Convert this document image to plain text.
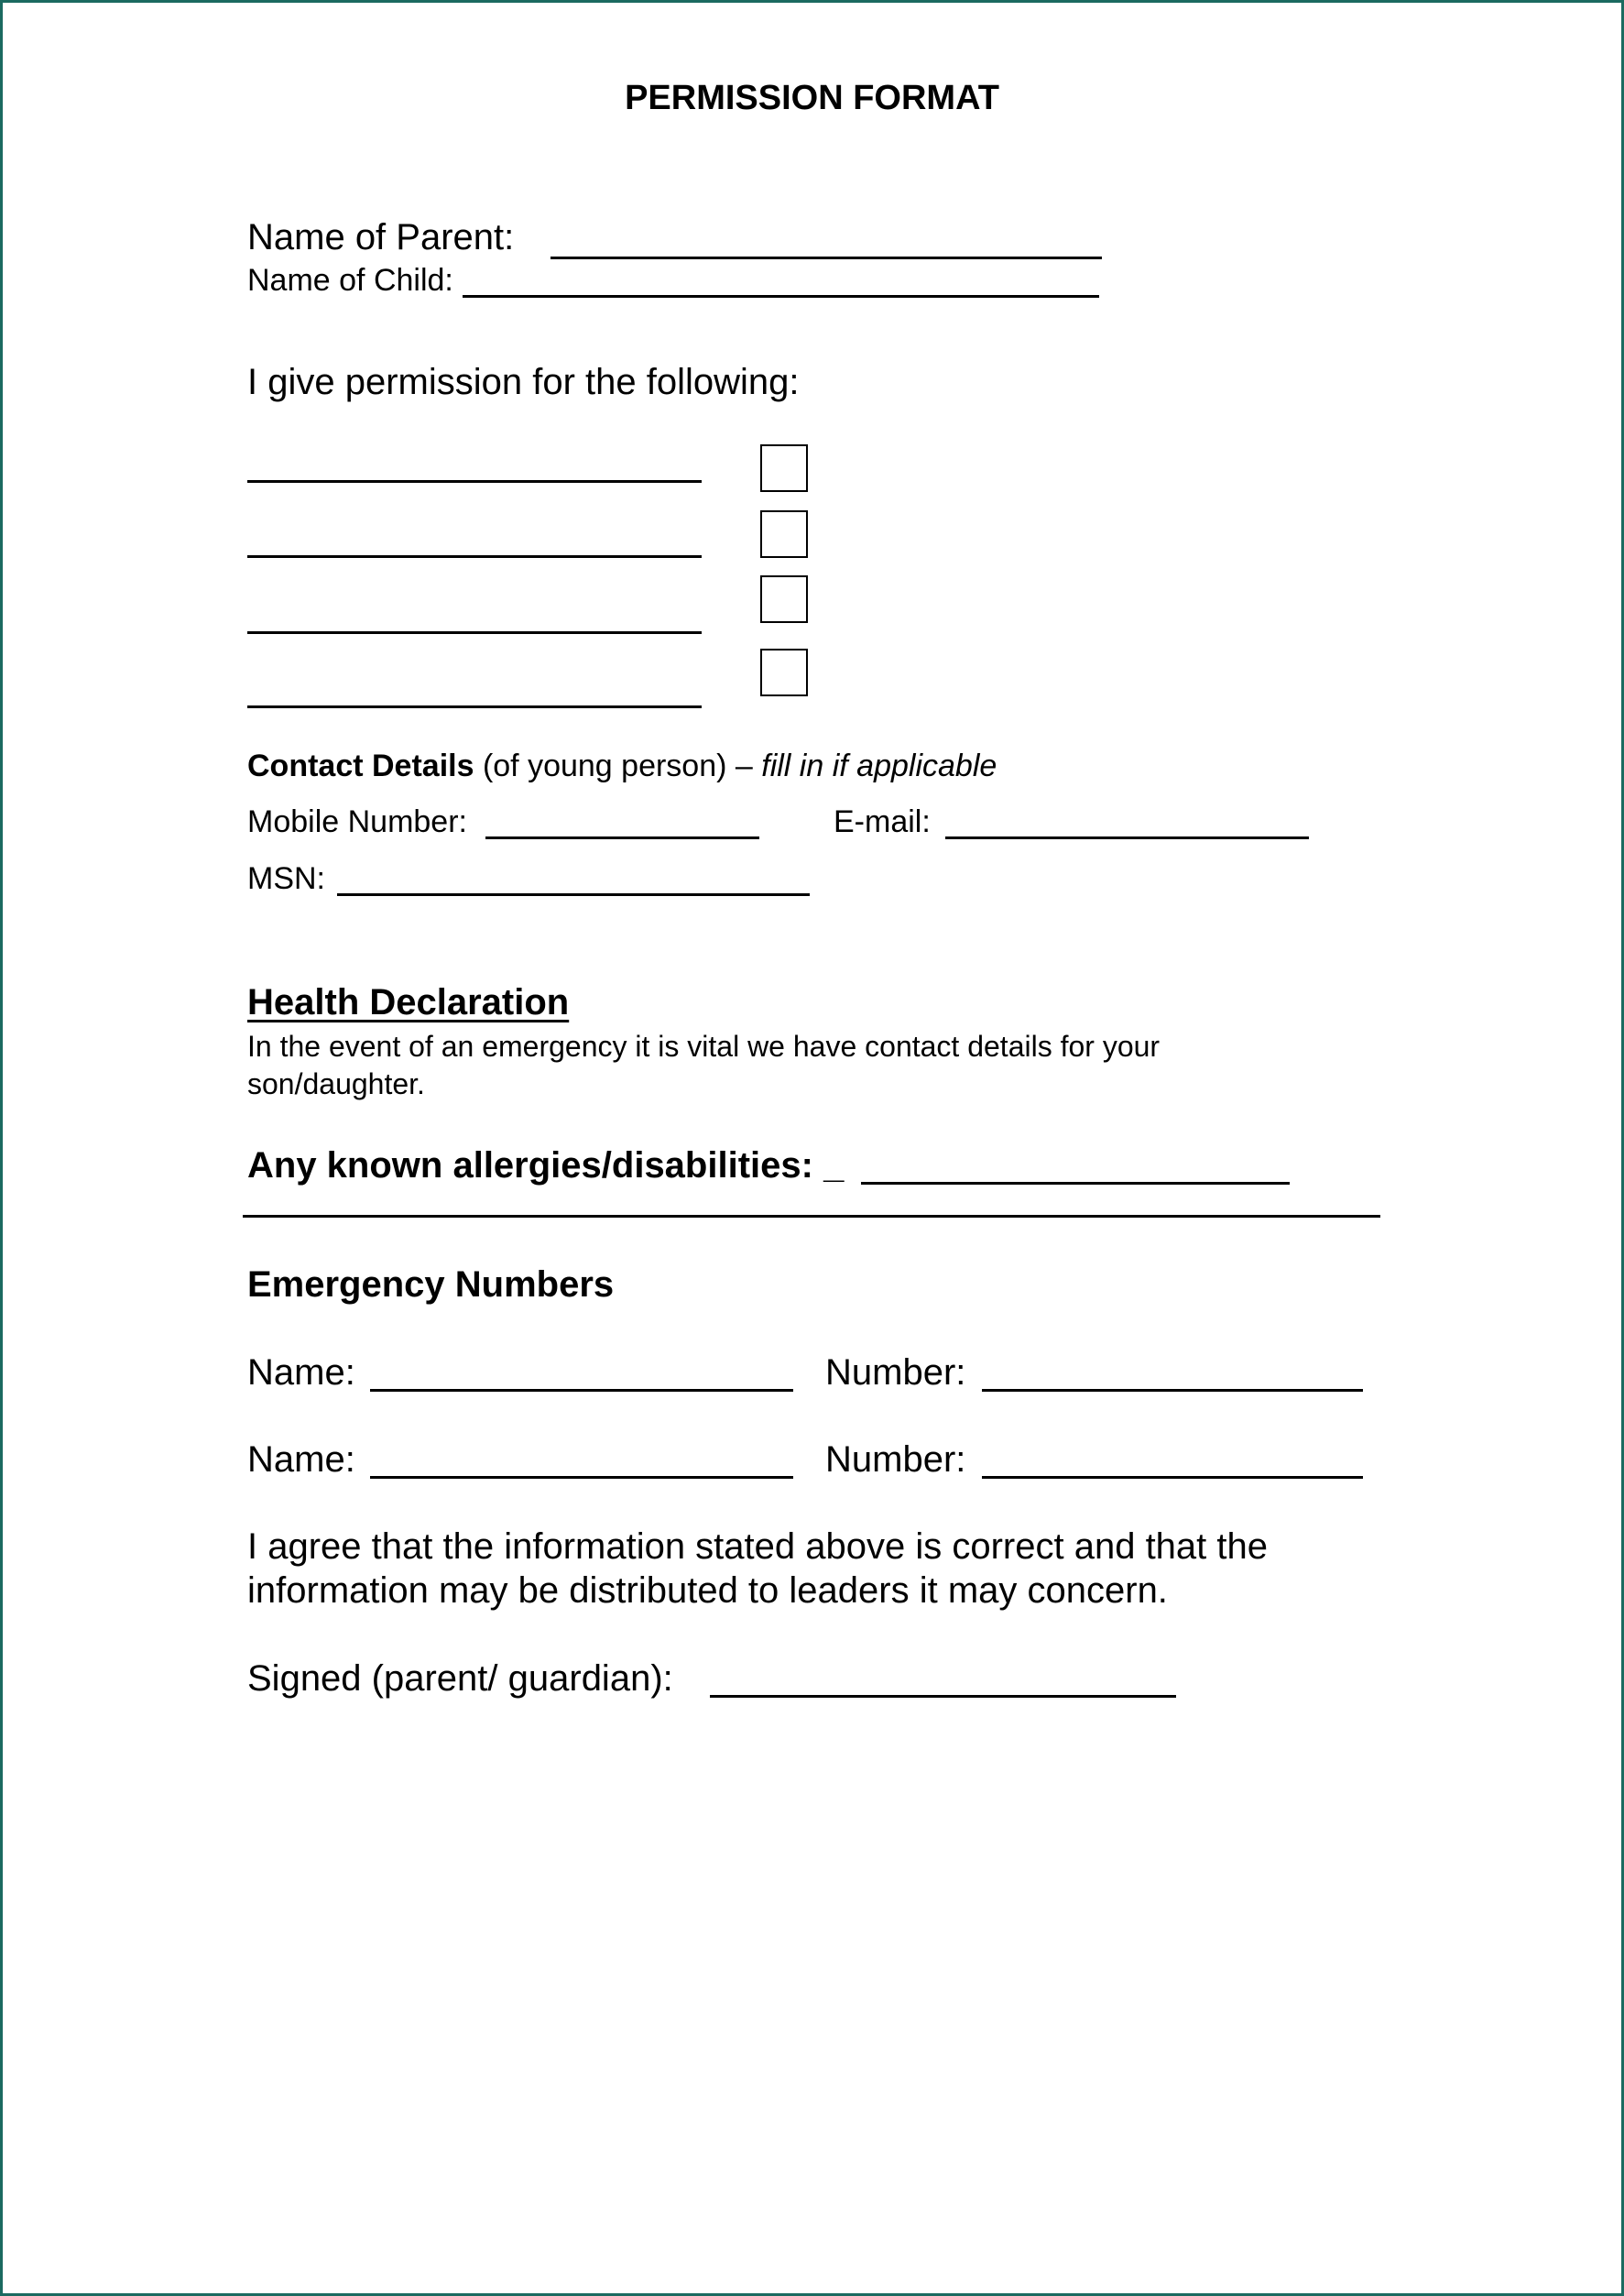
PERMISSION FORMAT
Name of Parent:
Name of Child:
I give permission for the following:
Contact Details (of young person) – fill in if applicable
Mobile Number:	E-mail:
MSN:
Health Declaration
In the event of an emergency it is vital we have contact details for your
son/daughter.
Any known allergies/disabilities: _
Emergency Numbers
Name:	Number:
Name:	Number:
I agree that the information stated above is correct and that the
information may be distributed to leaders it may concern.
Signed (parent/ guardian):
